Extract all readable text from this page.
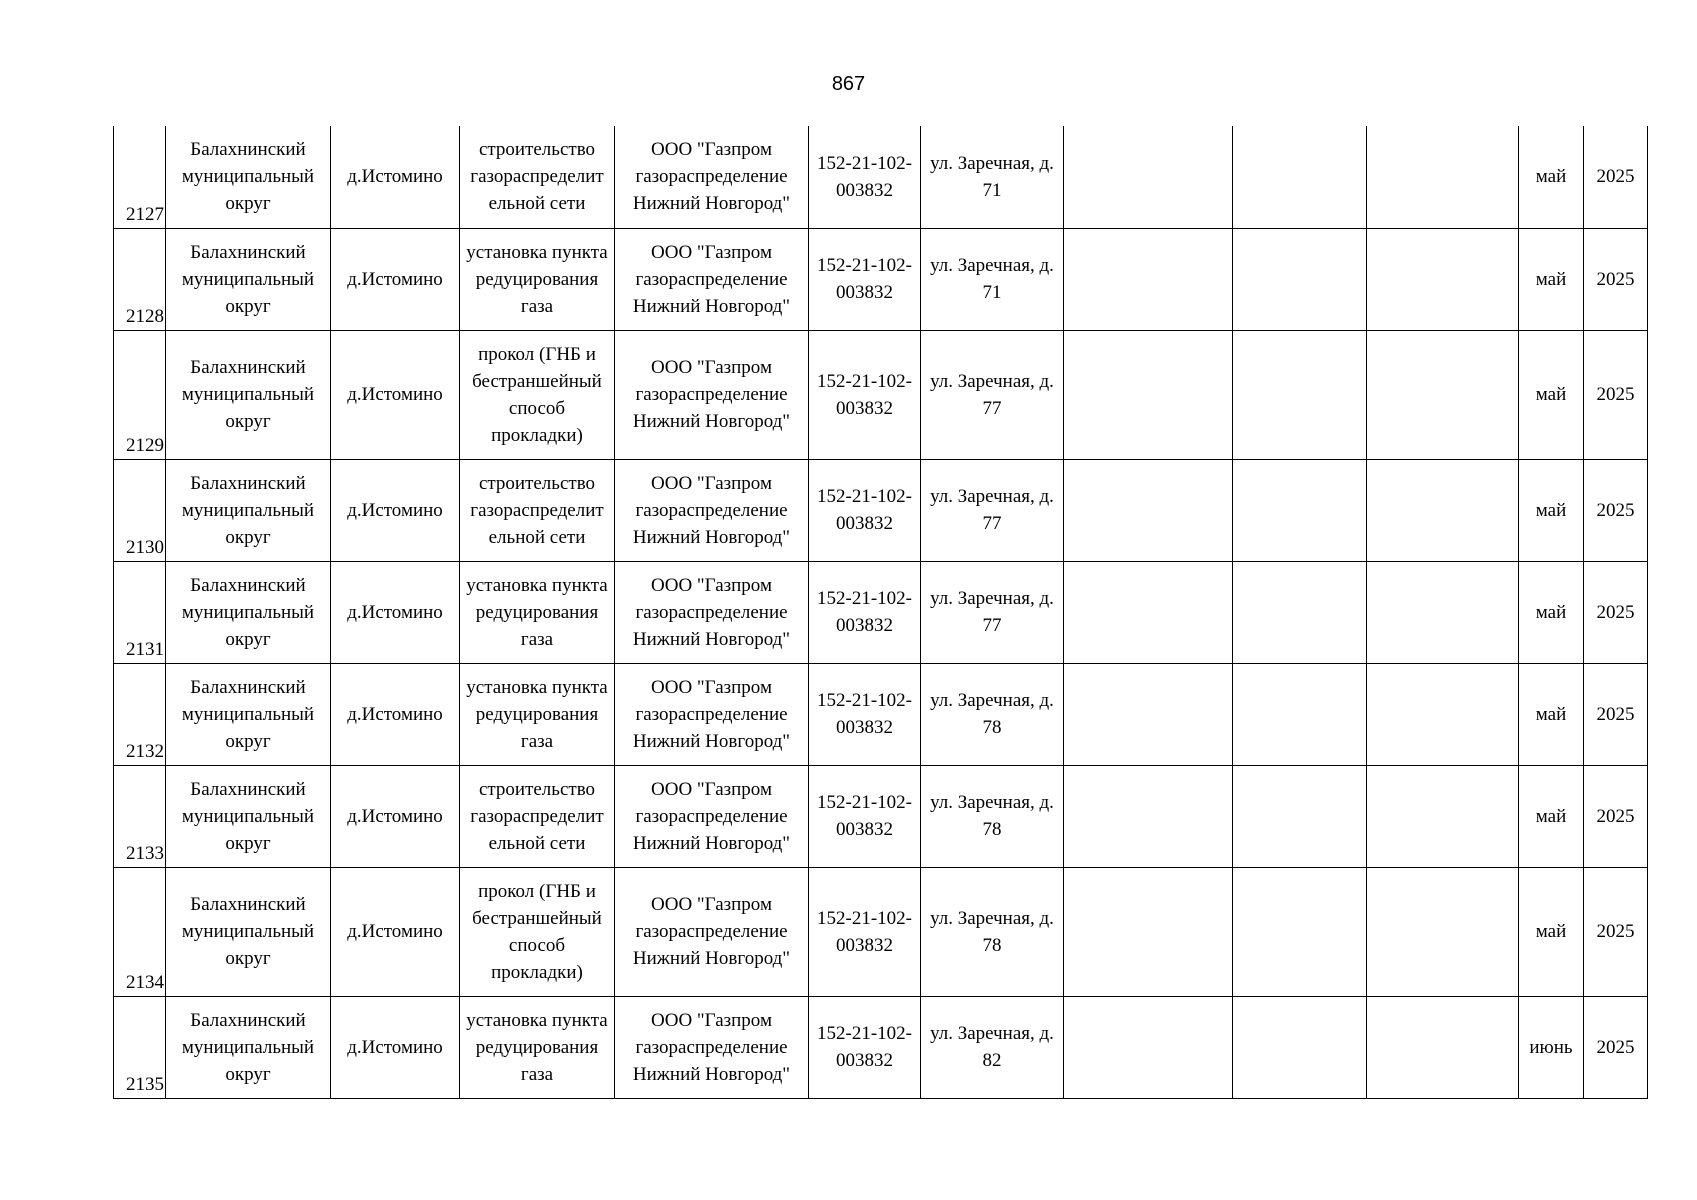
867
2127	Балахнинский
муниципальный
округ	д.Истомино	строительство
газораспределит
ельной сети	ООО "Газпром
газораспределение
Нижний Новгород"	152-21-102-
003832	ул. Заречная, д.
71				май	2025
2128	Балахнинский
муниципальный
округ	д.Истомино	установка пункта
редуцирования
газа	ООО "Газпром
газораспределение
Нижний Новгород"	152-21-102-
003832	ул. Заречная, д.
71				май	2025
2129	Балахнинский
муниципальный
округ	д.Истомино	прокол (ГНБ и
бестраншейный
способ
прокладки)	ООО "Газпром
газораспределение
Нижний Новгород"	152-21-102-
003832	ул. Заречная, д.
77				май	2025
2130	Балахнинский
муниципальный
округ	д.Истомино	строительство
газораспределит
ельной сети	ООО "Газпром
газораспределение
Нижний Новгород"	152-21-102-
003832	ул. Заречная, д.
77				май	2025
2131	Балахнинский
муниципальный
округ	д.Истомино	установка пункта
редуцирования
газа	ООО "Газпром
газораспределение
Нижний Новгород"	152-21-102-
003832	ул. Заречная, д.
77				май	2025
2132	Балахнинский
муниципальный
округ	д.Истомино	установка пункта
редуцирования
газа	ООО "Газпром
газораспределение
Нижний Новгород"	152-21-102-
003832	ул. Заречная, д.
78				май	2025
2133	Балахнинский
муниципальный
округ	д.Истомино	строительство
газораспределит
ельной сети	ООО "Газпром
газораспределение
Нижний Новгород"	152-21-102-
003832	ул. Заречная, д.
78				май	2025
2134	Балахнинский
муниципальный
округ	д.Истомино	прокол (ГНБ и
бестраншейный
способ
прокладки)	ООО "Газпром
газораспределение
Нижний Новгород"	152-21-102-
003832	ул. Заречная, д.
78				май	2025
2135	Балахнинский
муниципальный
округ	д.Истомино	установка пункта
редуцирования
газа	ООО "Газпром
газораспределение
Нижний Новгород"	152-21-102-
003832	ул. Заречная, д.
82				июнь	2025
